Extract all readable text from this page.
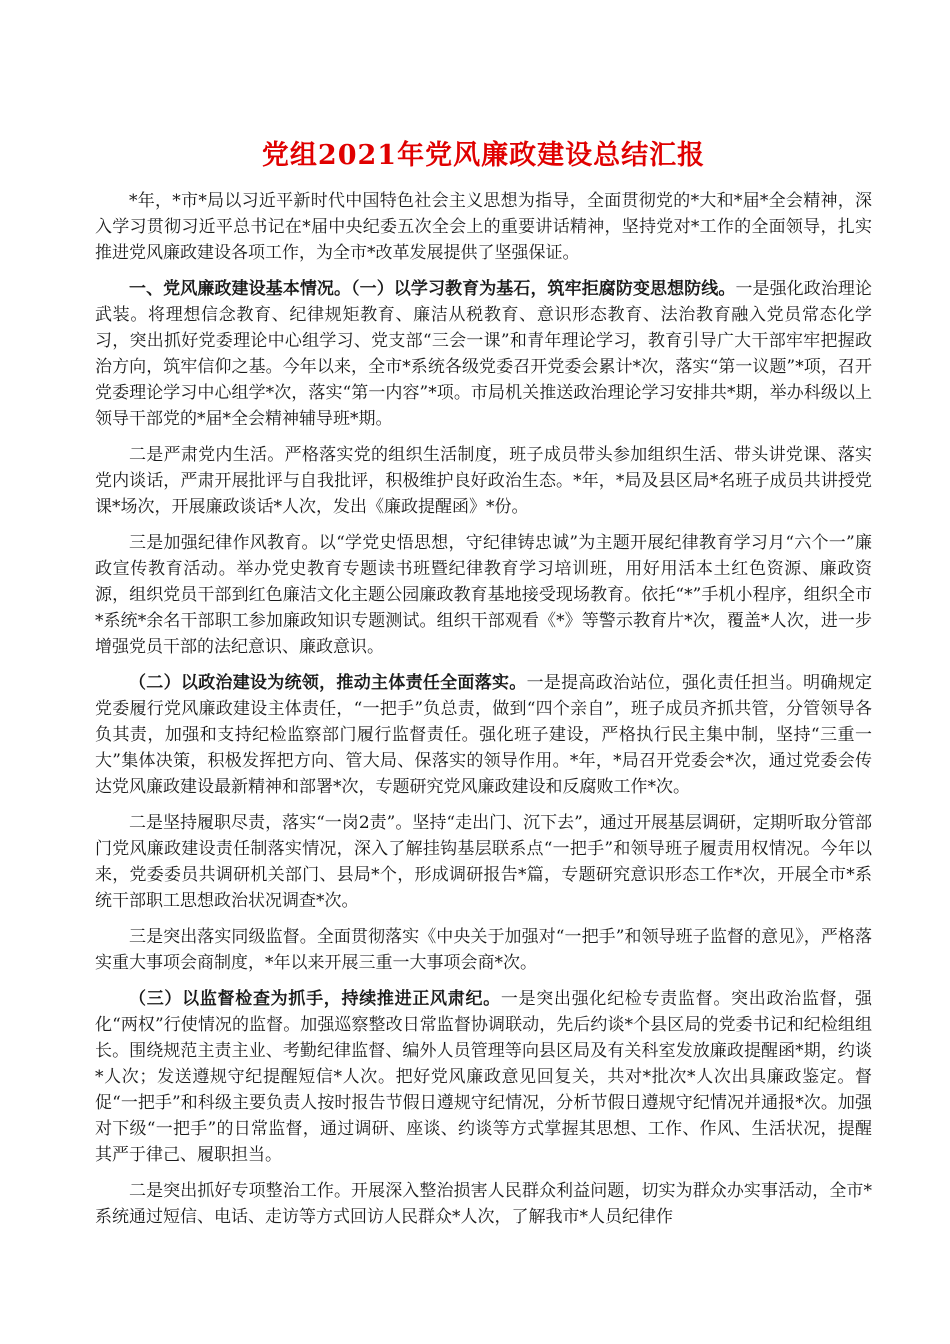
党组2021年党风廉政建设总结汇报

*年，*市*局以习近平新时代中国特色社会主义思想为指导，全面贯彻党的*大和*届*全会精神，深入学习贯彻习近平总书记在*届中央纪委五次全会上的重要讲话精神，坚持党对*工作的全面领导，扎实推进党风廉政建设各项工作，为全市*改革发展提供了坚强保证。

一、党风廉政建设基本情况。（一）以学习教育为基石，筑牢拒腐防变思想防线。一是强化政治理论武装。将理想信念教育、纪律规矩教育、廉洁从税教育、意识形态教育、法治教育融入党员常态化学习，突出抓好党委理论中心组学习、党支部“三会一课”和青年理论学习，教育引导广大干部牢牢把握政治方向，筑牢信仰之基。今年以来，全市*系统各级党委召开党委会累计*次，落实“第一议题”*项，召开党委理论学习中心组学*次，落实“第一内容”*项。市局机关推送政治理论学习安排共*期，举办科级以上领导干部党的*届*全会精神辅导班*期。

二是严肃党内生活。严格落实党的组织生活制度，班子成员带头参加组织生活、带头讲党课、落实党内谈话，严肃开展批评与自我批评，积极维护良好政治生态。*年，*局及县区局*名班子成员共讲授党课*场次，开展廉政谈话*人次，发出《廉政提醒函》*份。

三是加强纪律作风教育。以“学党史悟思想，守纪律铸忠诚”为主题开展纪律教育学习月“六个一”廉政宣传教育活动。举办党史教育专题读书班暨纪律教育学习培训班，用好用活本土红色资源、廉政资源，组织党员干部到红色廉洁文化主题公园廉政教育基地接受现场教育。依托“*”手机小程序，组织全市*系统*余名干部职工参加廉政知识专题测试。组织干部观看《*》等警示教育片*次，覆盖*人次，进一步增强党员干部的法纪意识、廉政意识。

（二）以政治建设为统领，推动主体责任全面落实。一是提高政治站位，强化责任担当。明确规定党委履行党风廉政建设主体责任，“一把手”负总责，做到“四个亲自”，班子成员齐抓共管，分管领导各负其责，加强和支持纪检监察部门履行监督责任。强化班子建设，严格执行民主集中制，坚持“三重一大”集体决策，积极发挥把方向、管大局、保落实的领导作用。*年，*局召开党委会*次，通过党委会传达党风廉政建设最新精神和部署*次，专题研究党风廉政建设和反腐败工作*次。

二是坚持履职尽责，落实“一岗2责”。坚持“走出门、沉下去”，通过开展基层调研，定期听取分管部门党风廉政建设责任制落实情况，深入了解挂钩基层联系点“一把手”和领导班子履责用权情况。今年以来，党委委员共调研机关部门、县局*个，形成调研报告*篇，专题研究意识形态工作*次，开展全市*系统干部职工思想政治状况调查*次。

三是突出落实同级监督。全面贯彻落实《中央关于加强对“一把手”和领导班子监督的意见》，严格落实重大事项会商制度，*年以来开展三重一大事项会商*次。

（三）以监督检查为抓手，持续推进正风肃纪。一是突出强化纪检专责监督。突出政治监督，强化“两权”行使情况的监督。加强巡察整改日常监督协调联动，先后约谈*个县区局的党委书记和纪检组组长。围绕规范主责主业、考勤纪律监督、编外人员管理等向县区局及有关科室发放廉政提醒函*期，约谈*人次；发送遵规守纪提醒短信*人次。把好党风廉政意见回复关，共对*批次*人次出具廉政鉴定。督促“一把手”和科级主要负责人按时报告节假日遵规守纪情况，分析节假日遵规守纪情况并通报*次。加强对下级“一把手”的日常监督，通过调研、座谈、约谈等方式掌握其思想、工作、作风、生活状况，提醒其严于律己、履职担当。

二是突出抓好专项整治工作。开展深入整治损害人民群众利益问题，切实为群众办实事活动，全市*系统通过短信、电话、走访等方式回访人民群众*人次，了解我市*人员纪律作
